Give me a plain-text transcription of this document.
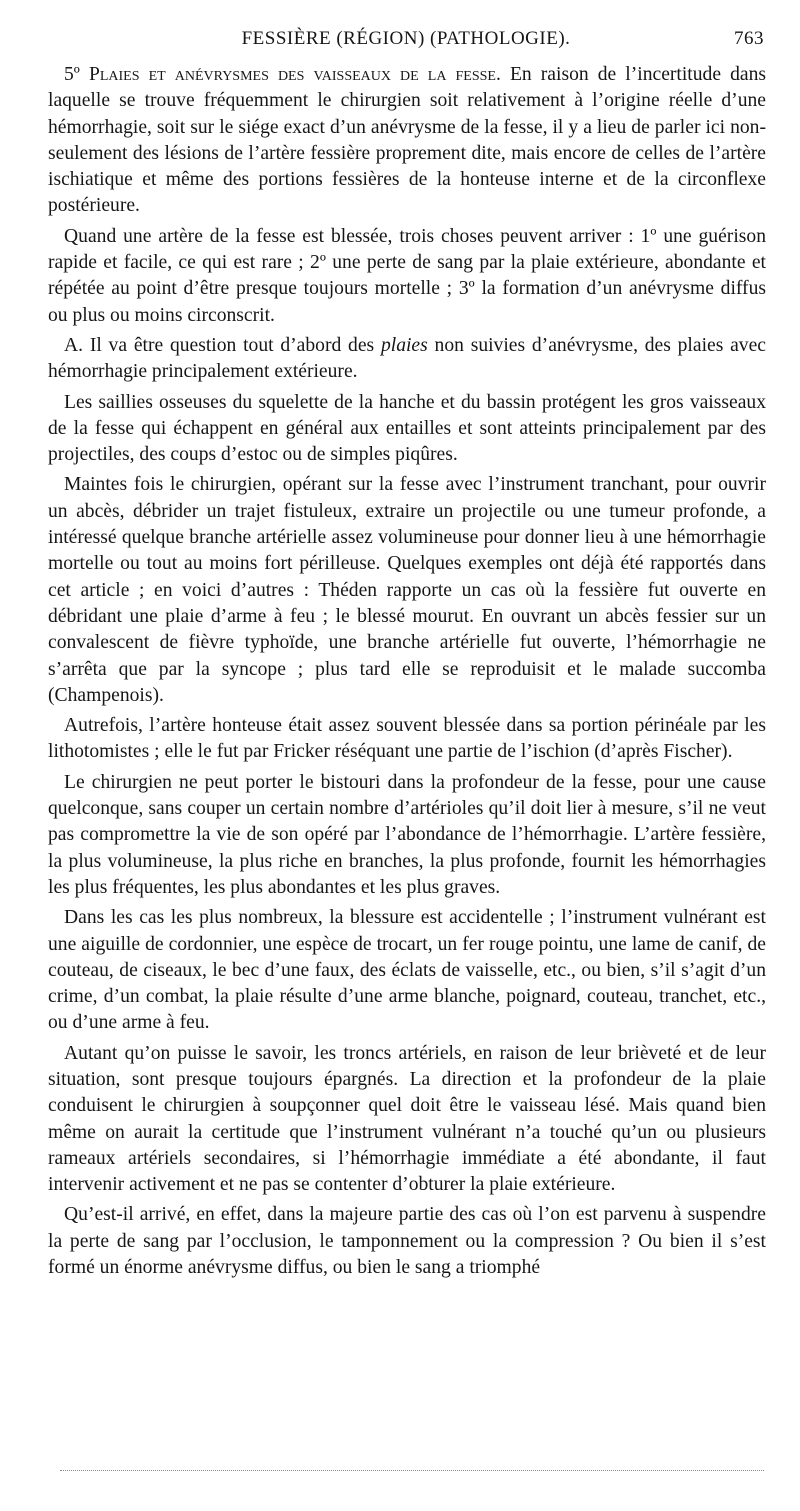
FESSIÈRE (RÉGION) (PATHOLOGIE).	763

5º Plaies et anévrysmes des vaisseaux de la fesse. En raison de l’incertitude dans laquelle se trouve fréquemment le chirurgien soit relativement à l’origine réelle d’une hémorrhagie, soit sur le siége exact d’un anévrysme de la fesse, il y a lieu de parler ici non-seulement des lésions de l’artère fessière proprement dite, mais encore de celles de l’artère ischiatique et même des portions fessières de la honteuse interne et de la circonflexe postérieure.

Quand une artère de la fesse est blessée, trois choses peuvent arriver : 1º une guérison rapide et facile, ce qui est rare ; 2º une perte de sang par la plaie extérieure, abondante et répétée au point d’être presque toujours mortelle ; 3º la formation d’un anévrysme diffus ou plus ou moins circonscrit.

A. Il va être question tout d’abord des plaies non suivies d’anévrysme, des plaies avec hémorrhagie principalement extérieure.

Les saillies osseuses du squelette de la hanche et du bassin protégent les gros vaisseaux de la fesse qui échappent en général aux entailles et sont atteints principalement par des projectiles, des coups d’estoc ou de simples piqûres.

Maintes fois le chirurgien, opérant sur la fesse avec l’instrument tranchant, pour ouvrir un abcès, débrider un trajet fistuleux, extraire un projectile ou une tumeur profonde, a intéressé quelque branche artérielle assez volumineuse pour donner lieu à une hémorrhagie mortelle ou tout au moins fort périlleuse. Quelques exemples ont déjà été rapportés dans cet article ; en voici d’autres : Théden rapporte un cas où la fessière fut ouverte en débridant une plaie d’arme à feu ; le blessé mourut. En ouvrant un abcès fessier sur un convalescent de fièvre typhoïde, une branche artérielle fut ouverte, l’hémorrhagie ne s’arrêta que par la syncope ; plus tard elle se reproduisit et le malade succomba (Champenois).

Autrefois, l’artère honteuse était assez souvent blessée dans sa portion périnéale par les lithotomistes ; elle le fut par Fricker réséquant une partie de l’ischion (d’après Fischer).

Le chirurgien ne peut porter le bistouri dans la profondeur de la fesse, pour une cause quelconque, sans couper un certain nombre d’artérioles qu’il doit lier à mesure, s’il ne veut pas compromettre la vie de son opéré par l’abondance de l’hémorrhagie. L’artère fessière, la plus volumineuse, la plus riche en branches, la plus profonde, fournit les hémorrhagies les plus fréquentes, les plus abondantes et les plus graves.

Dans les cas les plus nombreux, la blessure est accidentelle ; l’instrument vulnérant est une aiguille de cordonnier, une espèce de trocart, un fer rouge pointu, une lame de canif, de couteau, de ciseaux, le bec d’une faux, des éclats de vaisselle, etc., ou bien, s’il s’agit d’un crime, d’un combat, la plaie résulte d’une arme blanche, poignard, couteau, tranchet, etc., ou d’une arme à feu.

Autant qu’on puisse le savoir, les troncs artériels, en raison de leur brièveté et de leur situation, sont presque toujours épargnés. La direction et la profondeur de la plaie conduisent le chirurgien à soupçonner quel doit être le vaisseau lésé. Mais quand bien même on aurait la certitude que l’instrument vulnérant n’a touché qu’un ou plusieurs rameaux artériels secondaires, si l’hémorrhagie immédiate a été abondante, il faut intervenir activement et ne pas se contenter d’obturer la plaie extérieure.

Qu’est-il arrivé, en effet, dans la majeure partie des cas où l’on est parvenu à suspendre la perte de sang par l’occlusion, le tamponnement ou la compression ? Ou bien il s’est formé un énorme anévrysme diffus, ou bien le sang a triomphé
